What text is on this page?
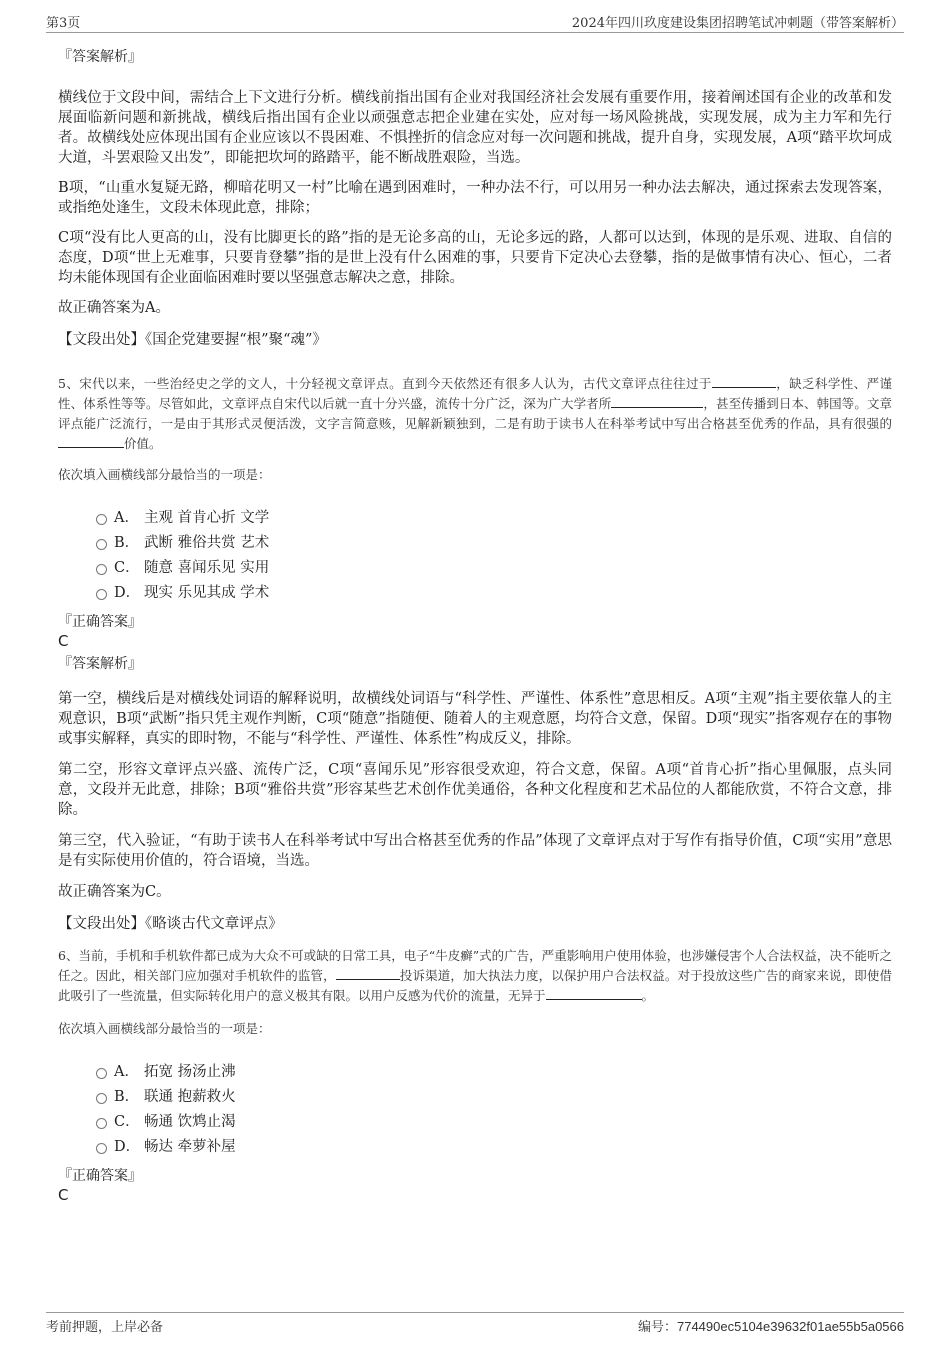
第3页	2024年四川玖度建设集团招聘笔试冲刺题（带答案解析）

『答案解析』

横线位于文段中间，需结合上下文进行分析。横线前指出国有企业对我国经济社会发展有重要作用，接着阐述国有企业的改革和发展面临新问题和新挑战，横线后指出国有企业以顽强意志把企业建在实处，应对每一场风险挑战，实现发展，成为主力军和先行者。故横线处应体现出国有企业应该以不畏困难、不惧挫折的信念应对每一次问题和挑战，提升自身，实现发展，A项“踏平坎坷成大道，斗罢艰险又出发”，即能把坎坷的路踏平，能不断战胜艰险，当选。

B项，“山重水复疑无路，柳暗花明又一村”比喻在遇到困难时，一种办法不行，可以用另一种办法去解决，通过探索去发现答案，或指绝处逢生，文段未体现此意，排除；

C项“没有比人更高的山，没有比脚更长的路”指的是无论多高的山，无论多远的路，人都可以达到，体现的是乐观、进取、自信的态度，D项“世上无难事，只要肯登攀”指的是世上没有什么困难的事，只要肯下定决心去登攀，指的是做事情有决心、恒心，二者均未能体现国有企业面临困难时要以坚强意志解决之意，排除。

故正确答案为A。

【文段出处】《国企党建要握“根”聚“魂”》

5、宋代以来，一些治经史之学的文人，十分轻视文章评点。直到今天依然还有很多人认为，古代文章评点往往过于	，缺乏科学性、严谨性、体系性等等。尽管如此，文章评点自宋代以后就一直十分兴盛，流传十分广泛，深为广大学者所	，甚至传播到日本、韩国等。文章评点能广泛流行，一是由于其形式灵便活泼，文字言简意赅，见解新颖独到，二是有助于读书人在科举考试中写出合格甚至优秀的作品，具有很强的价值。

依次填入画横线部分最恰当的一项是：

A． 主观 首肯心折 文学
B． 武断 雅俗共赏 艺术
C． 随意 喜闻乐见 实用
D． 现实 乐见其成 学术

『正确答案』

C

『答案解析』

第一空，横线后是对横线处词语的解释说明，故横线处词语与“科学性、严谨性、体系性”意思相反。A项“主观”指主要依靠人的主观意识，B项“武断”指只凭主观作判断，C项“随意”指随便、随着人的主观意愿，均符合文意，保留。D项“现实”指客观存在的事物或事实解释，真实的即时物，不能与“科学性、严谨性、体系性”构成反义，排除。

第二空，形容文章评点兴盛、流传广泛，C项“喜闻乐见”形容很受欢迎，符合文意，保留。A项“首肯心折”指心里佩服，点头同意，文段并无此意，排除；B项“雅俗共赏”形容某些艺术创作优美通俗，各种文化程度和艺术品位的人都能欣赏，不符合文意，排除。

第三空，代入验证，“有助于读书人在科举考试中写出合格甚至优秀的作品”体现了文章评点对于写作有指导价值，C项“实用”意思是有实际使用价值的，符合语境，当选。

故正确答案为C。

【文段出处】《略谈古代文章评点》

6、当前，手机和手机软件都已成为大众不可或缺的日常工具，电子“牛皮癣”式的广告，严重影响用户使用体验，也涉嫌侵害个人合法权益，决不能听之任之。因此，相关部门应加强对手机软件的监管，	投诉渠道，加大执法力度，以保护用户合法权益。对于投放这些广告的商家来说，即使借此吸引了一些流量，但实际转化用户的意义极其有限。以用户反感为代价的流量，无异于	。

依次填入画横线部分最恰当的一项是：

A． 拓宽 扬汤止沸
B． 联通 抱薪救火
C． 畅通 饮鸩止渴
D． 畅达 牵萝补屋

『正确答案』

C

考前押题，上岸必备	编号：774490ec5104e39632f01ae55b5a0566
